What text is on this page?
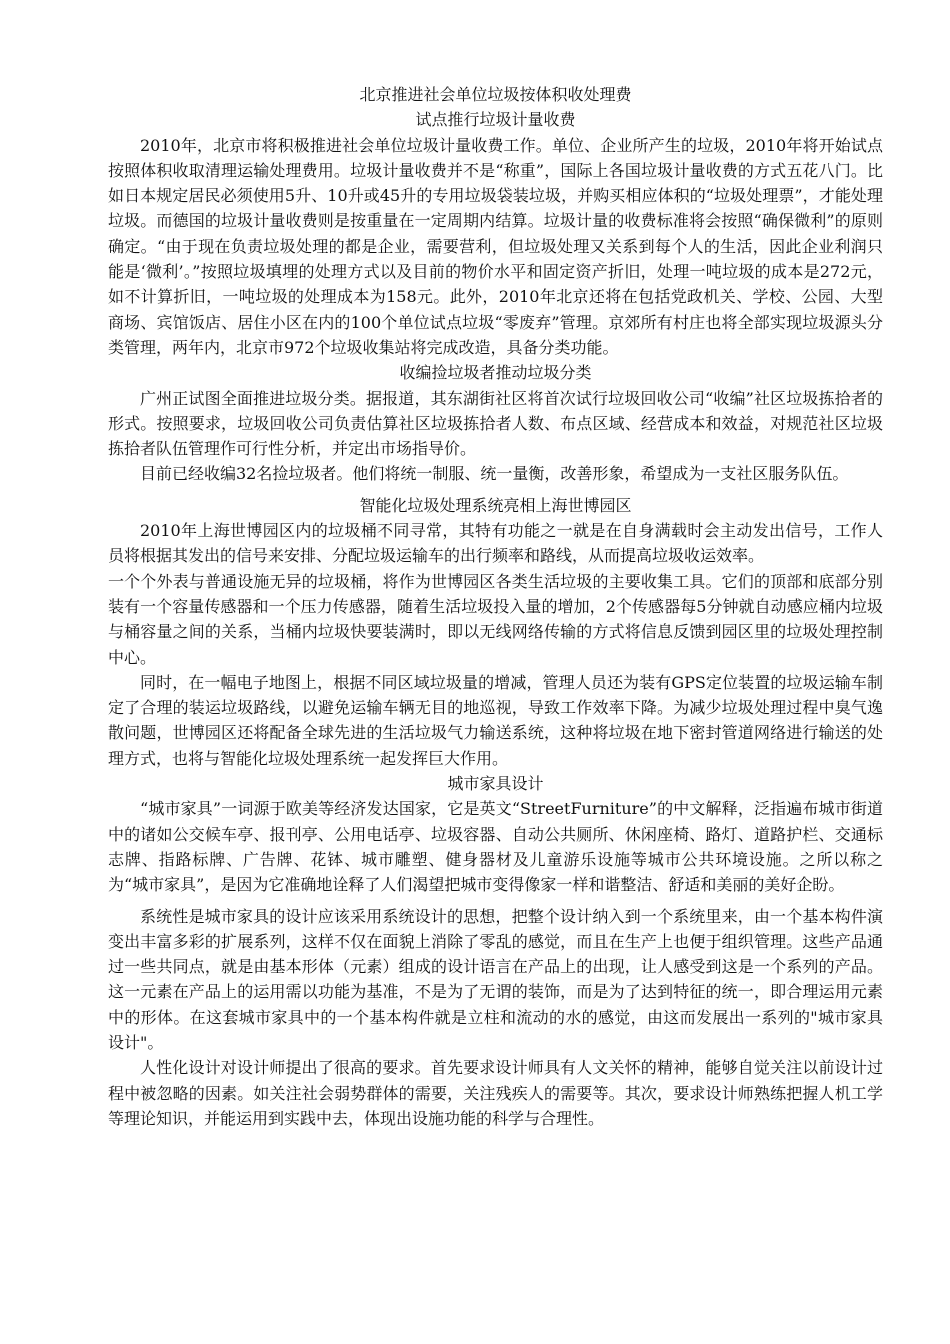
北京推进社会单位垃圾按体积收处理费

试点推行垃圾计量收费

2010年，北京市将积极推进社会单位垃圾计量收费工作。单位、企业所产生的垃圾，2010年将开始试点按照体积收取清理运输处理费用。垃圾计量收费并不是“称重”，国际上各国垃圾计量收费的方式五花八门。比如日本规定居民必须使用5升、10升或45升的专用垃圾袋装垃圾，并购买相应体积的“垃圾处理票”，才能处理垃圾。而德国的垃圾计量收费则是按重量在一定周期内结算。垃圾计量的收费标准将会按照“确保微利”的原则确定。“由于现在负责垃圾处理的都是企业，需要营利，但垃圾处理又关系到每个人的生活，因此企业利润只能是‘微利’。”按照垃圾填埋的处理方式以及目前的物价水平和固定资产折旧，处理一吨垃圾的成本是272元，如不计算折旧，一吨垃圾的处理成本为158元。此外，2010年北京还将在包括党政机关、学校、公园、大型商场、宾馆饭店、居住小区在内的100个单位试点垃圾“零废弃”管理。京郊所有村庄也将全部实现垃圾源头分类管理，两年内，北京市972个垃圾收集站将完成改造，具备分类功能。

收编捡垃圾者推动垃圾分类

广州正试图全面推进垃圾分类。据报道，其东湖街社区将首次试行垃圾回收公司“收编”社区垃圾拣拾者的形式。按照要求，垃圾回收公司负责估算社区垃圾拣拾者人数、布点区域、经营成本和效益，对规范社区垃圾拣拾者队伍管理作可行性分析，并定出市场指导价。

目前已经收编32名捡垃圾者。他们将统一制服、统一量衡，改善形象，希望成为一支社区服务队伍。

智能化垃圾处理系统亮相上海世博园区

2010年上海世博园区内的垃圾桶不同寻常，其特有功能之一就是在自身满载时会主动发出信号，工作人员将根据其发出的信号来安排、分配垃圾运输车的出行频率和路线，从而提高垃圾收运效率。

一个个外表与普通设施无异的垃圾桶，将作为世博园区各类生活垃圾的主要收集工具。它们的顶部和底部分别装有一个容量传感器和一个压力传感器，随着生活垃圾投入量的增加，2个传感器每5分钟就自动感应桶内垃圾与桶容量之间的关系，当桶内垃圾快要装满时，即以无线网络传输的方式将信息反馈到园区里的垃圾处理控制中心。

同时，在一幅电子地图上，根据不同区域垃圾量的增减，管理人员还为装有GPS定位装置的垃圾运输车制定了合理的装运垃圾路线，以避免运输车辆无目的地巡视，导致工作效率下降。为减少垃圾处理过程中臭气逸散问题，世博园区还将配备全球先进的生活垃圾气力输送系统，这种将垃圾在地下密封管道网络进行输送的处理方式，也将与智能化垃圾处理系统一起发挥巨大作用。

城市家具设计

“城市家具”一词源于欧美等经济发达国家，它是英文“StreetFurniture”的中文解释，泛指遍布城市街道中的诸如公交候车亭、报刊亭、公用电话亭、垃圾容器、自动公共厕所、休闲座椅、路灯、道路护栏、交通标志牌、指路标牌、广告牌、花钵、城市雕塑、健身器材及儿童游乐设施等城市公共环境设施。之所以称之为“城市家具”，是因为它准确地诠释了人们渴望把城市变得像家一样和谐整洁、舒适和美丽的美好企盼。

系统性是城市家具的设计应该采用系统设计的思想，把整个设计纳入到一个系统里来，由一个基本构件演变出丰富多彩的扩展系列，这样不仅在面貌上消除了零乱的感觉，而且在生产上也便于组织管理。这些产品通过一些共同点，就是由基本形体（元素）组成的设计语言在产品上的出现，让人感受到这是一个系列的产品。这一元素在产品上的运用需以功能为基准，不是为了无谓的装饰，而是为了达到特征的统一，即合理运用元素中的形体。在这套城市家具中的一个基本构件就是立柱和流动的水的感觉，由这而发展出一系列的"城市家具设计"。

人性化设计对设计师提出了很高的要求。首先要求设计师具有人文关怀的精神，能够自觉关注以前设计过程中被忽略的因素。如关注社会弱势群体的需要，关注残疾人的需要等。其次，要求设计师熟练把握人机工学等理论知识，并能运用到实践中去，体现出设施功能的科学与合理性。
